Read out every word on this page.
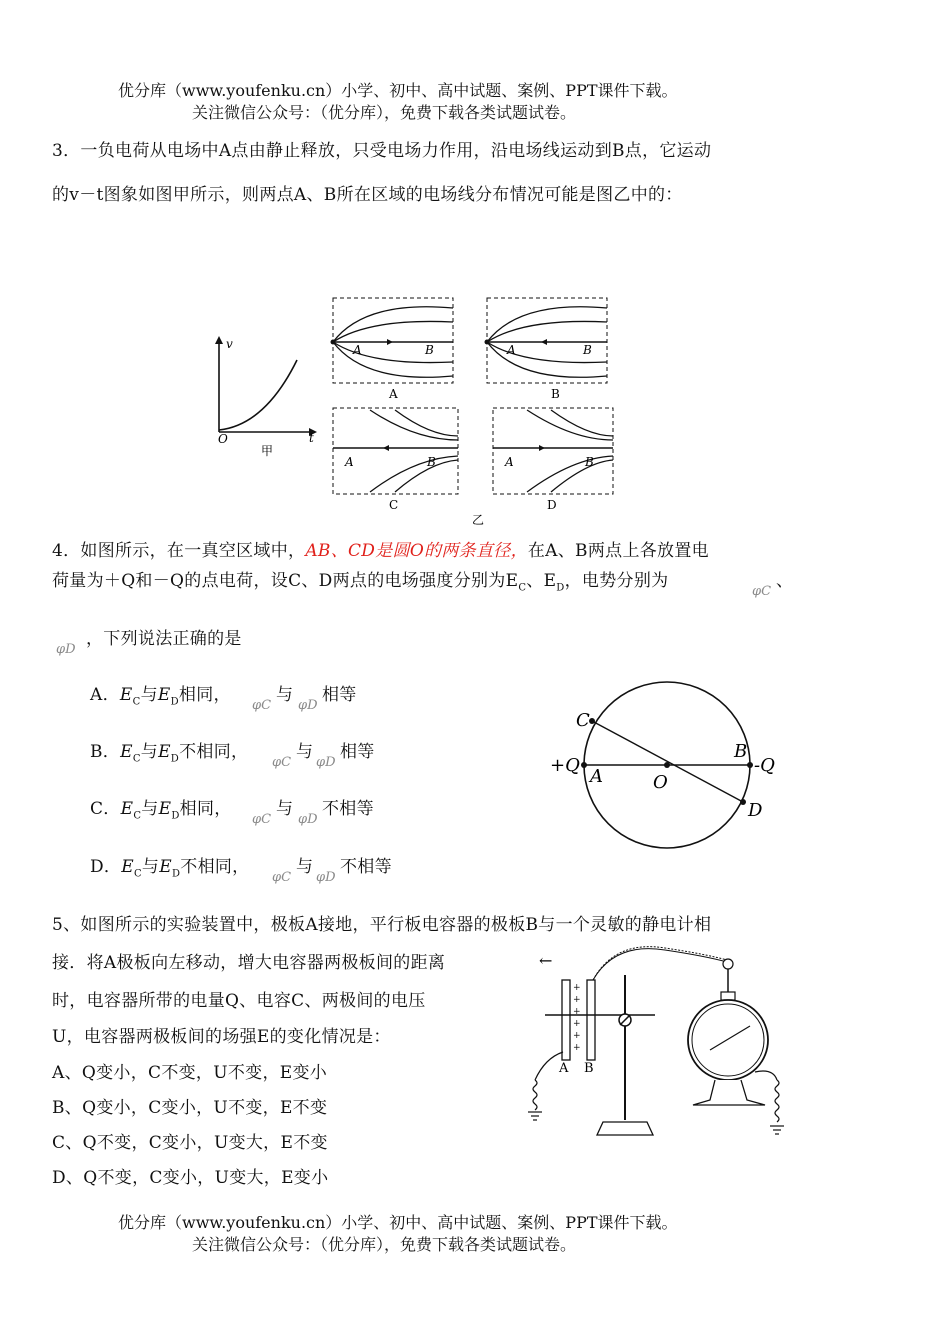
优分库（www.youfenku.cn）小学、初中、高中试题、案例、PPT课件下载。
关注微信公众号：（优分库），免费下载各类试题试卷。
3．一负电荷从电场中A点由静止释放，只受电场力作用，沿电场线运动到B点，它运动
的v－t图象如图甲所示，则两点A、B所在区域的电场线分布情况可能是图乙中的：
v
t
O
甲
A	B
A
A	B
B
A	B
C
A	B
D
乙
4．如图所示，在一真空区域中，AB、CD是圆O的两条直径，在A、B两点上各放置电
荷量为＋Q和－Q的点电荷，设C、D两点的电场强度分别为$E_C$、$E_D$，电势分别为
φC
、
φD
，下列说法正确的是
A．$E_C$与$E_D$相同，
φC
与
φD
相等
B．$E_C$与$E_D$不相同，
φC
与
φD
相等
C．$E_C$与$E_D$相同，
φC
与
φD
不相等
D．$E_C$与$E_D$不相同，
φC
与
φD
不相等
C
B
A	O
D
+Q	-Q
5、如图所示的实验装置中，极板A接地，平行板电容器的极板B与一个灵敏的静电计相
接．将A极板向左移动，增大电容器两极板间的距离
时，电容器所带的电量Q、电容C、两极间的电压
U，电容器两极板间的场强E的变化情况是：
A、Q变小，C不变，U不变，E变小
B、Q变小，C变小，U不变，E不变
C、Q不变，C变小，U变大，E不变
D、Q不变，C变小，U变大，E变小
←
+
+
+
+
+
+
A B
优分库（www.youfenku.cn）小学、初中、高中试题、案例、PPT课件下载。
关注微信公众号：（优分库），免费下载各类试题试卷。
